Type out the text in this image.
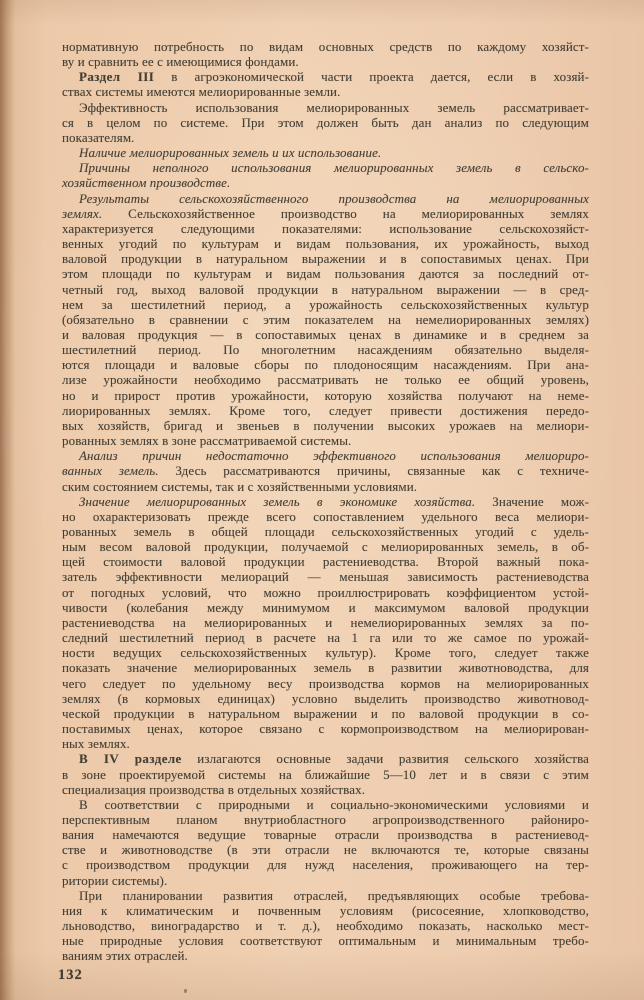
нормативную потребность по видам основных средств по каждому хозяйст-
ву и сравнить ее с имеющимися фондами.
Раздел III в агроэкономической части проекта дается, если в хозяй-
ствах системы имеются мелиорированные земли.
Эффективность использования мелиорированных земель рассматривает-
ся в целом по системе. При этом должен быть дан анализ по следующим
показателям.
Наличие мелиорированных земель и их использование.
Причины неполного использования мелиорированных земель в сельско-
хозяйственном производстве.
Результаты сельскохозяйственного производства на мелиорированных
землях. Сельскохозяйственное производство на мелиорированных землях
характеризуется следующими показателями: использование сельскохозяйст-
венных угодий по культурам и видам пользования, их урожайность, выход
валовой продукции в натуральном выражении и в сопоставимых ценах. При
этом площади по культурам и видам пользования даются за последний от-
четный год, выход валовой продукции в натуральном выражении — в сред-
нем за шестилетний период, а урожайность сельскохозяйственных культур
(обязательно в сравнении с этим показателем на немелиорированных землях)
и валовая продукция — в сопоставимых ценах в динамике и в среднем за
шестилетний период. По многолетним насаждениям обязательно выделя-
ются площади и валовые сборы по плодоносящим насаждениям. При ана-
лизе урожайности необходимо рассматривать не только ее общий уровень,
но и прирост против урожайности, которую хозяйства получают на неме-
лиорированных землях. Кроме того, следует привести достижения передо-
вых хозяйств, бригад и звеньев в получении высоких урожаев на мелиори-
рованных землях в зоне рассматриваемой системы.
Анализ причин недостаточно эффективного использования мелиориро-
ванных земель. Здесь рассматриваются причины, связанные как с техниче-
ским состоянием системы, так и с хозяйственными условиями.
Значение мелиорированных земель в экономике хозяйства. Значение мож-
но охарактеризовать прежде всего сопоставлением удельного веса мелиори-
рованных земель в общей площади сельскохозяйственных угодий с удель-
ным весом валовой продукции, получаемой с мелиорированных земель, в об-
щей стоимости валовой продукции растениеводства. Второй важный пока-
затель эффективности мелиораций — меньшая зависимость растениеводства
от погодных условий, что можно проиллюстрировать коэффициентом устой-
чивости (колебания между минимумом и максимумом валовой продукции
растениеводства на мелиорированных и немелиорированных землях за по-
следний шестилетний период в расчете на 1 га или то же самое по урожай-
ности ведущих сельскохозяйственных культур). Кроме того, следует также
показать значение мелиорированных земель в развитии животноводства, для
чего следует по удельному весу производства кормов на мелиорированных
землях (в кормовых единицах) условно выделить производство животновод-
ческой продукции в натуральном выражении и по валовой продукции в со-
поставимых ценах, которое связано с кормопроизводством на мелиорирован-
ных землях.
В IV разделе излагаются основные задачи развития сельского хозяйства
в зоне проектируемой системы на ближайшие 5—10 лет и в связи с этим
специализация производства в отдельных хозяйствах.
В соответствии с природными и социально-экономическими условиями и
перспективным планом внутриобластного агропроизводственного райониро-
вания намечаются ведущие товарные отрасли производства в растениевод-
стве и животноводстве (в эти отрасли не включаются те, которые связаны
с производством продукции для нужд населения, проживающего на тер-
ритории системы).
При планировании развития отраслей, предъявляющих особые требова-
ния к климатическим и почвенным условиям (рисосеяние, хлопководство,
льноводство, виноградарство и т. д.), необходимо показать, насколько мест-
ные природные условия соответствуют оптимальным и минимальным требо-
ваниям этих отраслей.
132
